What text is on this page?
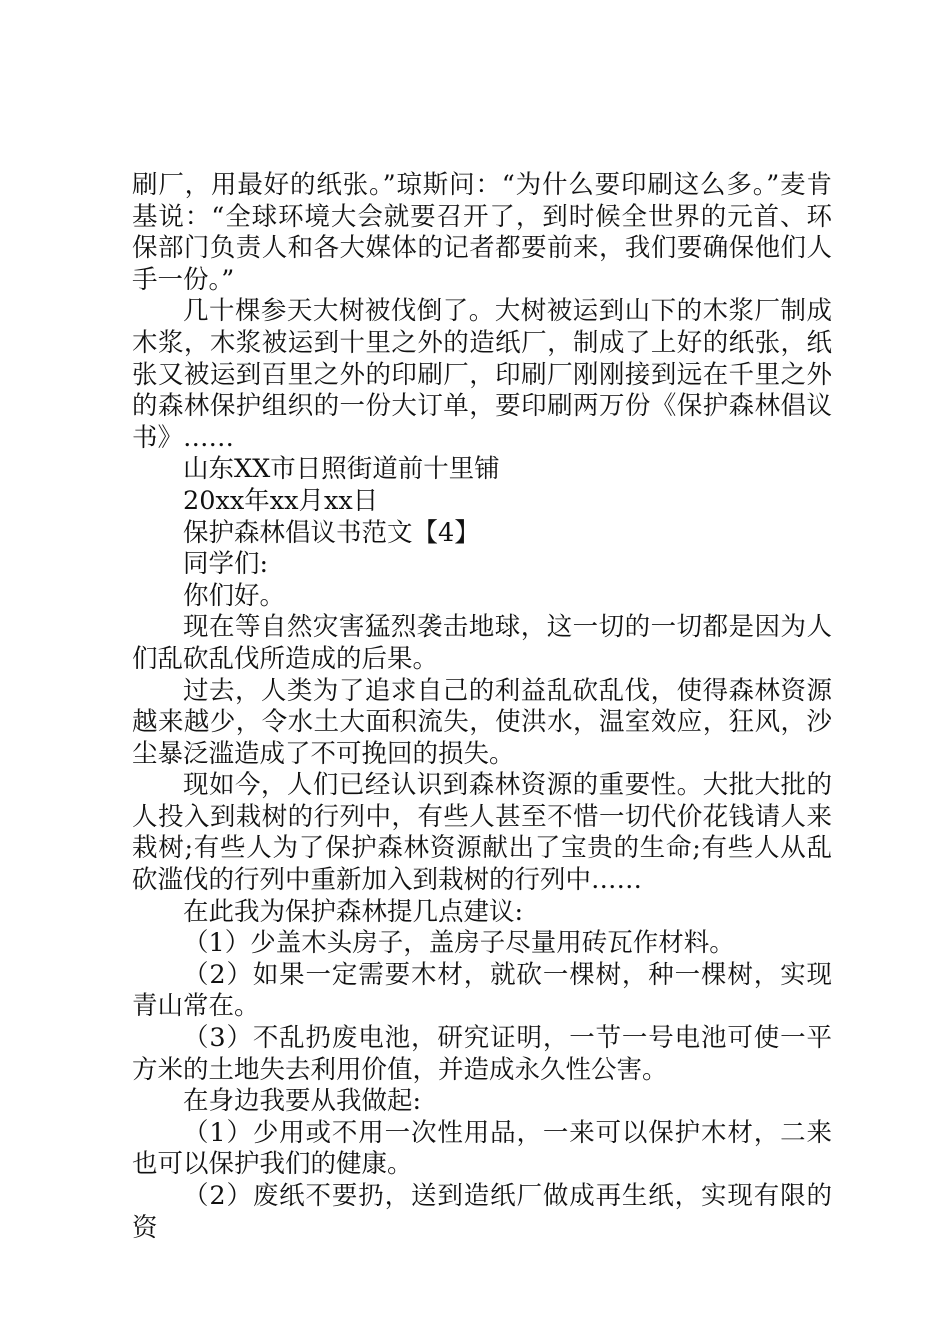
刷厂，用最好的纸张。”琼斯问：“为什么要印刷这么多。”麦肯基说：“全球环境大会就要召开了，到时候全世界的元首、环保部门负责人和各大媒体的记者都要前来，我们要确保他们人手一份。”

几十棵参天大树被伐倒了。大树被运到山下的木浆厂制成木浆，木浆被运到十里之外的造纸厂，制成了上好的纸张，纸张又被运到百里之外的印刷厂，印刷厂刚刚接到远在千里之外的森林保护组织的一份大订单，要印刷两万份《保护森林倡议书》……

山东XX市日照街道前十里铺

20xx年xx月xx日

保护森林倡议书范文【4】

同学们:

你们好。

现在等自然灾害猛烈袭击地球，这一切的一切都是因为人们乱砍乱伐所造成的后果。

过去，人类为了追求自己的利益乱砍乱伐，使得森林资源越来越少，令水土大面积流失，使洪水，温室效应，狂风，沙尘暴泛滥造成了不可挽回的损失。

现如今，人们已经认识到森林资源的重要性。大批大批的人投入到栽树的行列中，有些人甚至不惜一切代价花钱请人来栽树;有些人为了保护森林资源献出了宝贵的生命;有些人从乱砍滥伐的行列中重新加入到栽树的行列中……

在此我为保护森林提几点建议:

（1）少盖木头房子，盖房子尽量用砖瓦作材料。

（2）如果一定需要木材，就砍一棵树，种一棵树，实现青山常在。

（3）不乱扔废电池，研究证明，一节一号电池可使一平方米的土地失去利用价值，并造成永久性公害。

在身边我要从我做起:

（1）少用或不用一次性用品，一来可以保护木材，二来也可以保护我们的健康。

（2）废纸不要扔，送到造纸厂做成再生纸，实现有限的资
